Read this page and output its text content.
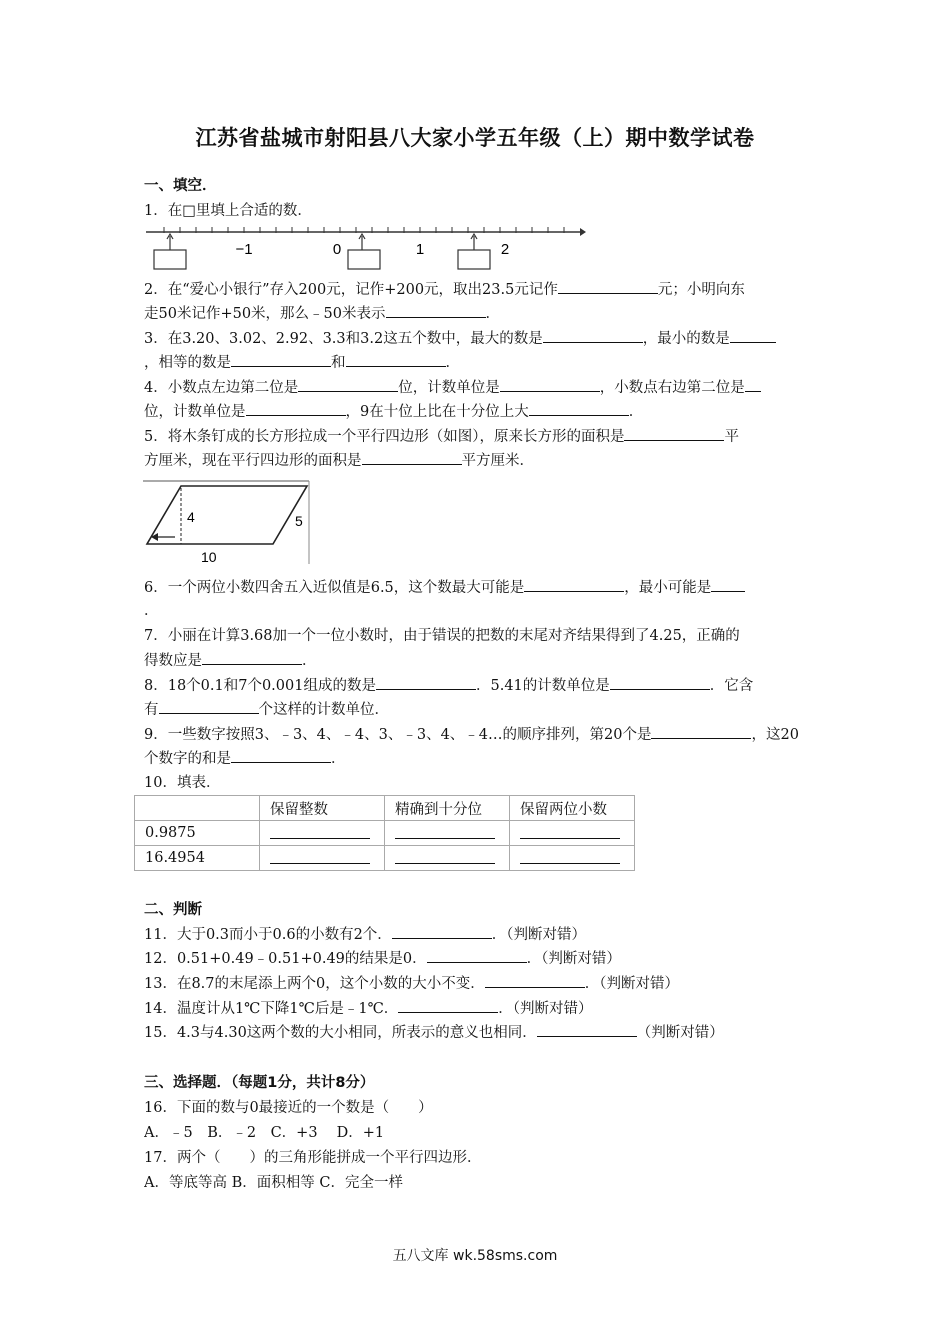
江苏省盐城市射阳县八大家小学五年级（上）期中数学试卷
一、填空．
1．在□里填上合适的数．
−1	0	1	2
2．在“爱心小银行”存入200元，记作+200元，取出23.5元记作	元；小明向东
走50米记作+50米，那么﹣50米表示	．
3．在3.20、3.02、2.92、3.3和3.2这五个数中，最大的数是	，最小的数是
，相等的数是	和	．
4．小数点左边第二位是	位，计数单位是	，小数点右边第二位是
位，计数单位是	，9在十位上比在十分位上大	．
5．将木条钉成的长方形拉成一个平行四边形（如图），原来长方形的面积是	平
方厘米，现在平行四边形的面积是	平方厘米．
4	5
10
6．一个两位小数四舍五入近似值是6.5，这个数最大可能是	，最小可能是
．
7．小丽在计算3.68加一个一位小数时，由于错误的把数的末尾对齐结果得到了4.25，正确的
得数应是	．
8．18个0.1和7个0.001组成的数是	．5.41的计数单位是	．它含
有	个这样的计数单位．
9．一些数字按照3、﹣3、4、﹣4、3、﹣3、4、﹣4…的顺序排列，第20个是	，这20
个数字的和是	．
10．填表．
	保留整数	精确到十分位	保留两位小数
0.9875			
16.4954			
二、判断
11．大于0.3而小于0.6的小数有2个．	．（判断对错）
12．0.51+0.49﹣0.51+0.49的结果是0．	．（判断对错）
13．在8.7的末尾添上两个0，这个小数的大小不变．	．（判断对错）
14．温度计从1℃下降1℃后是﹣1℃．	．（判断对错）
15．4.3与4.30这两个数的大小相同，所表示的意义也相同．	（判断对错）
三、选择题．（每题1分，共计8分）
16．下面的数与0最接近的一个数是（　　）
A．﹣5　B．﹣2　C．+3　 D．+1
17．两个（　　）的三角形能拼成一个平行四边形．
A．等底等高 B．面积相等 C．完全一样
五八文库 wk.58sms.com
